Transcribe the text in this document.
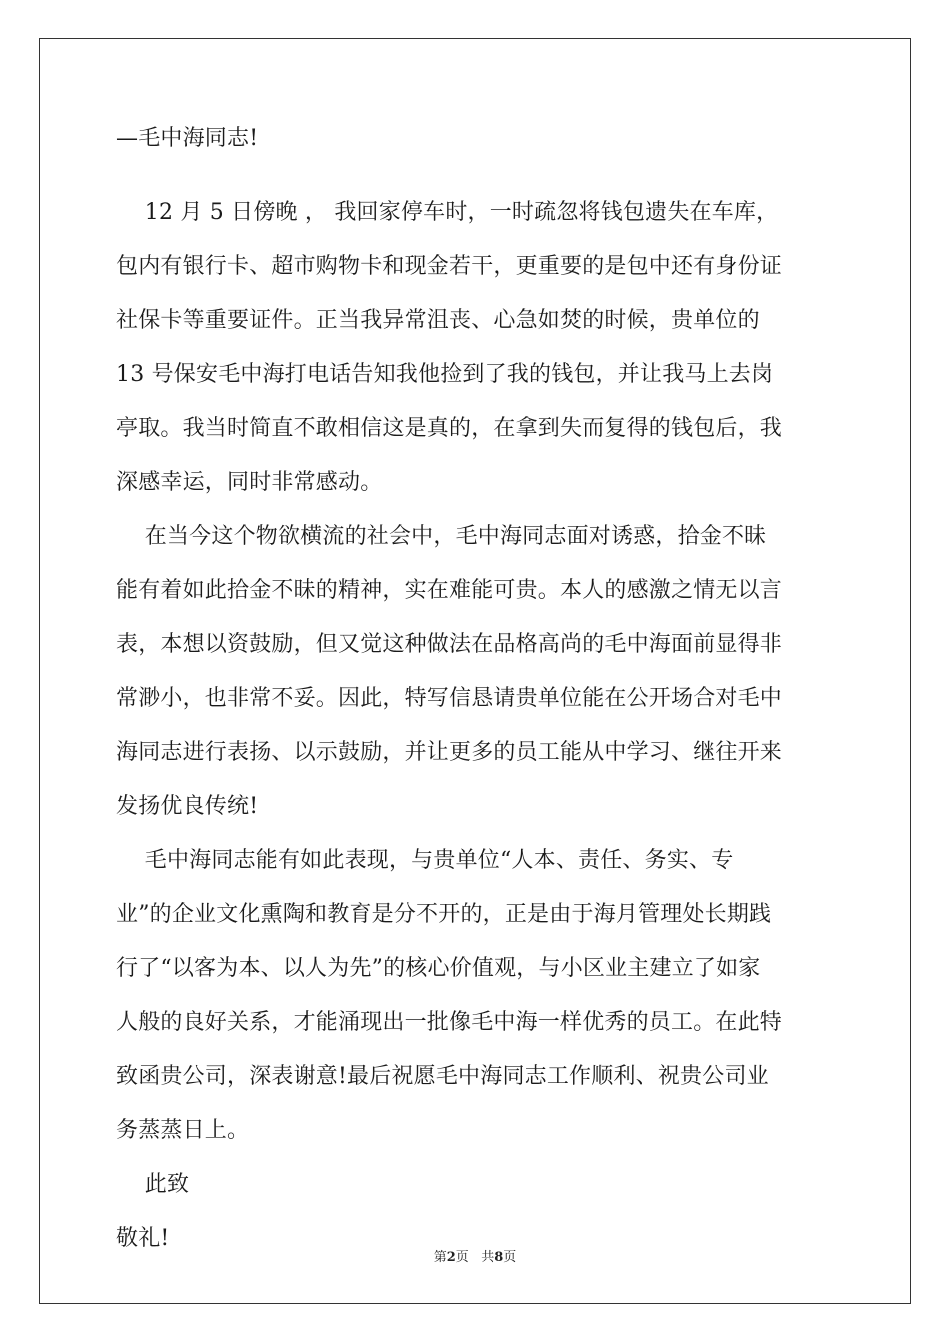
—毛中海同志!
12 月 5 日傍晚 ， 我回家停车时，一时疏忽将钱包遗失在车库，
包内有银行卡、超市购物卡和现金若干，更重要的是包中还有身份证
社保卡等重要证件。正当我异常沮丧、心急如焚的时候，贵单位的
13 号保安毛中海打电话告知我他捡到了我的钱包，并让我马上去岗
亭取。我当时简直不敢相信这是真的，在拿到失而复得的钱包后，我
深感幸运，同时非常感动。
在当今这个物欲横流的社会中，毛中海同志面对诱惑，拾金不昧
能有着如此拾金不昧的精神，实在难能可贵。本人的感激之情无以言
表，本想以资鼓励，但又觉这种做法在品格高尚的毛中海面前显得非
常渺小，也非常不妥。因此，特写信恳请贵单位能在公开场合对毛中
海同志进行表扬、以示鼓励，并让更多的员工能从中学习、继往开来
发扬优良传统!
毛中海同志能有如此表现，与贵单位“人本、责任、务实、专
业”的企业文化熏陶和教育是分不开的，正是由于海月管理处长期践
行了“以客为本、以人为先”的核心价值观，与小区业主建立了如家
人般的良好关系，才能涌现出一批像毛中海一样优秀的员工。在此特
致函贵公司，深表谢意!最后祝愿毛中海同志工作顺利、祝贵公司业
务蒸蒸日上。
此致
敬礼!
第2页   共8页
